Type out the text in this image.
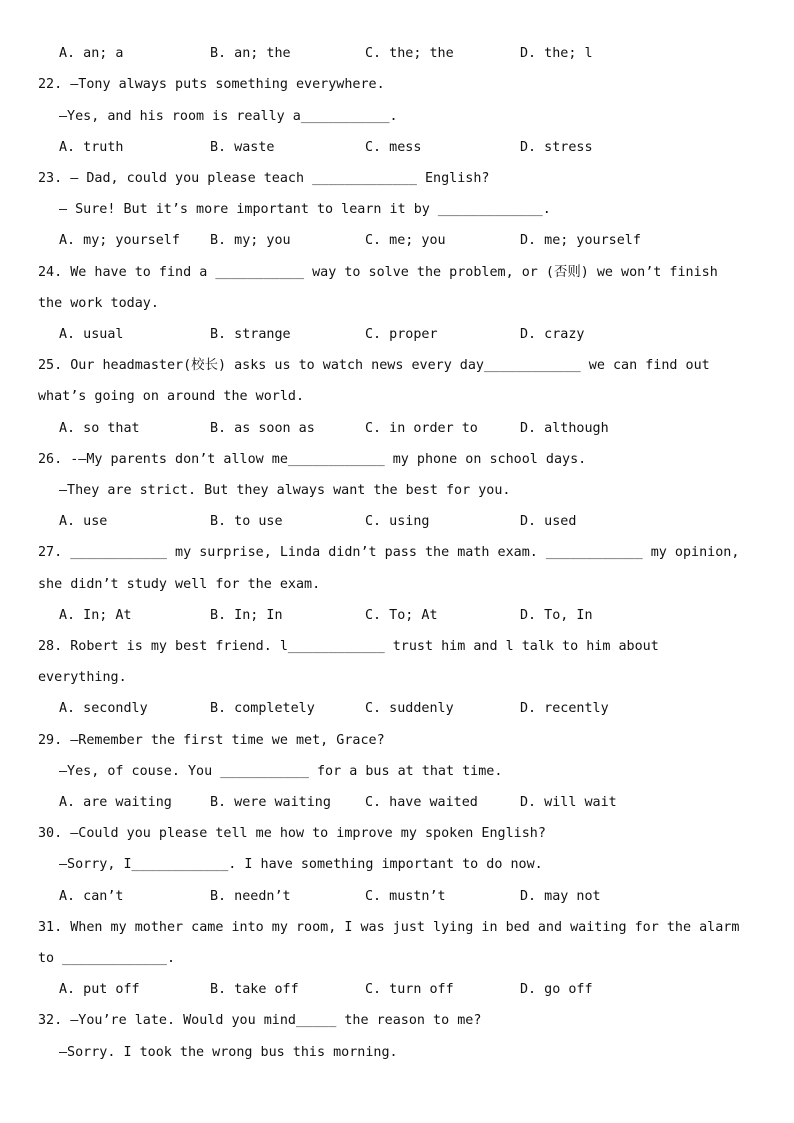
A. an; a	B. an; the	C. the; the	D. the; l
22. —Tony always puts something everywhere.
—Yes, and his room is really a___________.
A. truth	B. waste	C. mess	D. stress
23. — Dad, could you please teach _____________ English?
— Sure! But it’s more important to learn it by _____________.
A. my; yourself B. my; you	C. me; you	D. me; yourself
24. We have to find a ___________ way to solve the problem, or (否则) we won’t finish
the work today.
A. usual	B. strange	C. proper	D. crazy
25. Our headmaster(校长) asks us to watch news every day____________ we can find out
what’s going on around the world.
A. so that	B. as soon as	C. in order to	D. although
26. -—My parents don’t allow me____________ my phone on school days.
—They are strict. But they always want the best for you.
A. use	B. to use	C. using	D. used
27. ____________ my surprise, Linda didn’t pass the math exam. ____________ my opinion,
she didn’t study well for the exam.
A. In; At	B. In; In	C. To; At	D. To, In
28. Robert is my best friend. l____________ trust him and l talk to him about
everything.
A. secondly	B. completely	C. suddenly	D. recently
29. —Remember the first time we met, Grace?
—Yes, of couse. You ___________ for a bus at that time.
A. are waiting	B. were waiting	C. have waited	D. will wait
30. —Could you please tell me how to improve my spoken English?
—Sorry, I____________. I have something important to do now.
A. can’t	B. needn’t	C. mustn’t	D. may not
31. When my mother came into my room, I was just lying in bed and waiting for the alarm
to _____________.
A. put off	B. take off	C. turn off	D. go off
32. —You’re late. Would you mind_____ the reason to me?
—Sorry. I took the wrong bus this morning.
